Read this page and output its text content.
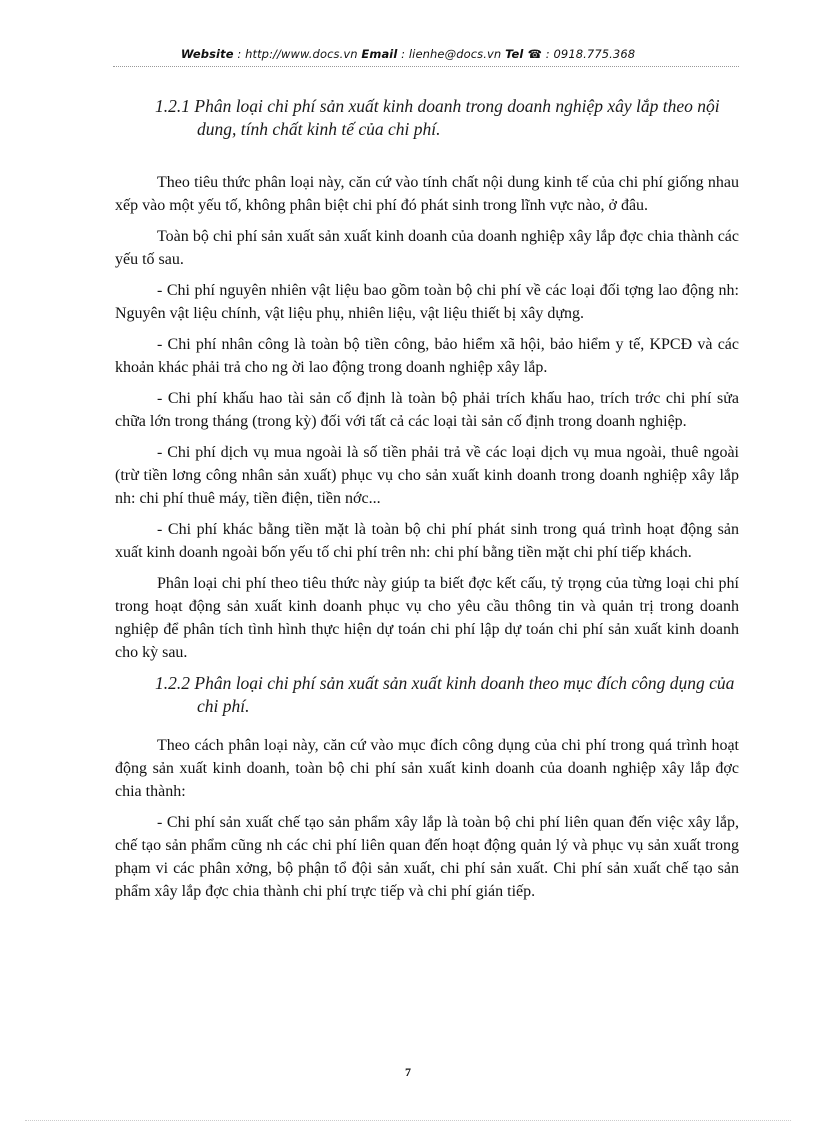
Website : http://www.docs.vn Email : lienhe@docs.vn Tel ☎ : 0918.775.368

1.2.1 Phân loại chi phí sản xuất kinh doanh trong doanh nghiệp xây lắp theo nội dung, tính chất kinh tế của chi phí.

Theo tiêu thức phân loại này, căn cứ vào tính chất nội dung kinh tế của chi phí giống nhau xếp vào một yếu tố, không phân biệt chi phí đó phát sinh trong lĩnh vực nào, ở đâu.

Toàn bộ chi phí sản xuất sản xuất kinh doanh của doanh nghiệp xây lắp đợc chia thành các yếu tố sau.

- Chi phí nguyên nhiên vật liệu bao gồm toàn bộ chi phí về các loại đối tợng lao động nh: Nguyên vật liệu chính, vật liệu phụ, nhiên liệu, vật liệu thiết bị xây dựng.

- Chi phí nhân công là toàn bộ tiền công, bảo hiểm xã hội, bảo hiểm y tế, KPCĐ và các khoản khác phải trả cho ng ời lao động trong doanh nghiệp xây lắp.

- Chi phí khấu hao tài sản cố định là toàn bộ phải trích khấu hao, trích trớc chi phí sửa chữa lớn trong tháng (trong kỳ) đối với tất cả các loại tài sản cố định trong doanh nghiệp.

- Chi phí dịch vụ mua ngoài là số tiền phải trả về các loại dịch vụ mua ngoài, thuê ngoài (trừ tiền lơng công nhân sản xuất) phục vụ cho sản xuất kinh doanh trong doanh nghiệp xây lắp nh: chi phí thuê máy, tiền điện, tiền nớc...

- Chi phí khác bằng tiền mặt là toàn bộ chi phí phát sinh trong quá trình hoạt động sản xuất kinh doanh ngoài bốn yếu tố chi phí trên nh: chi phí bằng tiền mặt chi phí tiếp khách.

Phân loại chi phí theo tiêu thức này giúp ta biết đợc kết cấu, tỷ trọng của từng loại chi phí trong hoạt động sản xuất kinh doanh phục vụ cho yêu cầu thông tin và quản trị trong doanh nghiệp để phân tích tình hình thực hiện dự toán chi phí lập dự toán chi phí sản xuất kinh doanh cho kỳ sau.

1.2.2 Phân loại chi phí sản xuất sản xuất kinh doanh theo mục đích công dụng của chi phí.

Theo cách phân loại này, căn cứ vào mục đích công dụng của chi phí trong quá trình hoạt động sản xuất kinh doanh, toàn bộ chi phí sản xuất kinh doanh của doanh nghiệp xây lắp đợc chia thành:

- Chi phí sản xuất chế tạo sản phẩm xây lắp là toàn bộ chi phí liên quan đến việc xây lắp, chế tạo sản phẩm cũng nh các chi phí liên quan đến hoạt động quản lý và phục vụ sản xuất trong phạm vi các phân xởng, bộ phận tổ đội sản xuất, chi phí sản xuất. Chi phí sản xuất chế tạo sản phẩm xây lắp đợc chia thành chi phí trực tiếp và chi phí gián tiếp.

7
